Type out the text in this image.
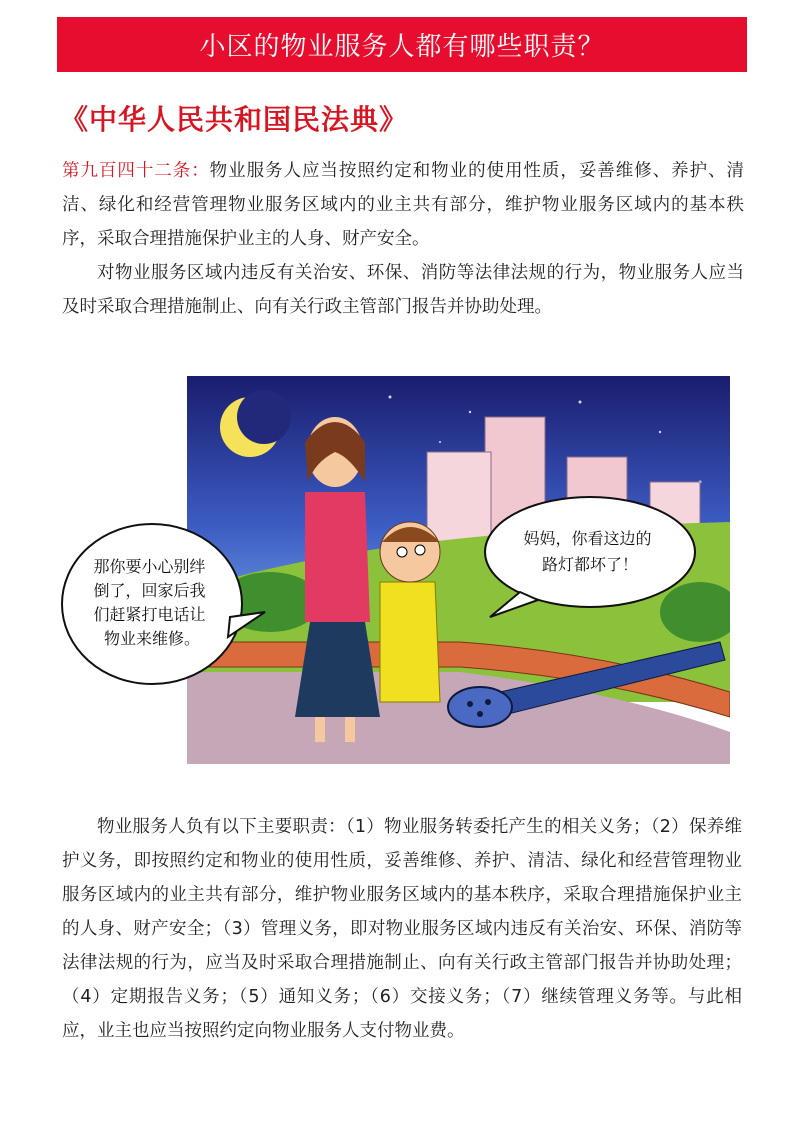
小区的物业服务人都有哪些职责？
《中华人民共和国民法典》

第九百四十二条：物业服务人应当按照约定和物业的使用性质，妥善维修、养护、清洁、绿化和经营管理物业服务区域内的业主共有部分，维护物业服务区域内的基本秩序，采取合理措施保护业主的人身、财产安全。

对物业服务区域内违反有关治安、环保、消防等法律法规的行为，物业服务人应当及时采取合理措施制止、向有关行政主管部门报告并协助处理。

那你要小心别绊 倒了，回家后我 们赶紧打电话让 物业来维修。
妈妈，你看这边的 路灯都坏了！
物业服务人负有以下主要职责：（1）物业服务转委托产生的相关义务；（2）保养维护义务，即按照约定和物业的使用性质，妥善维修、养护、清洁、绿化和经营管理物业服务区域内的业主共有部分，维护物业服务区域内的基本秩序，采取合理措施保护业主的人身、财产安全；（3）管理义务，即对物业服务区域内违反有关治安、环保、消防等法律法规的行为，应当及时采取合理措施制止、向有关行政主管部门报告并协助处理；（4）定期报告义务；（5）通知义务；（6）交接义务；（7）继续管理义务等。与此相应，业主也应当按照约定向物业服务人支付物业费。
